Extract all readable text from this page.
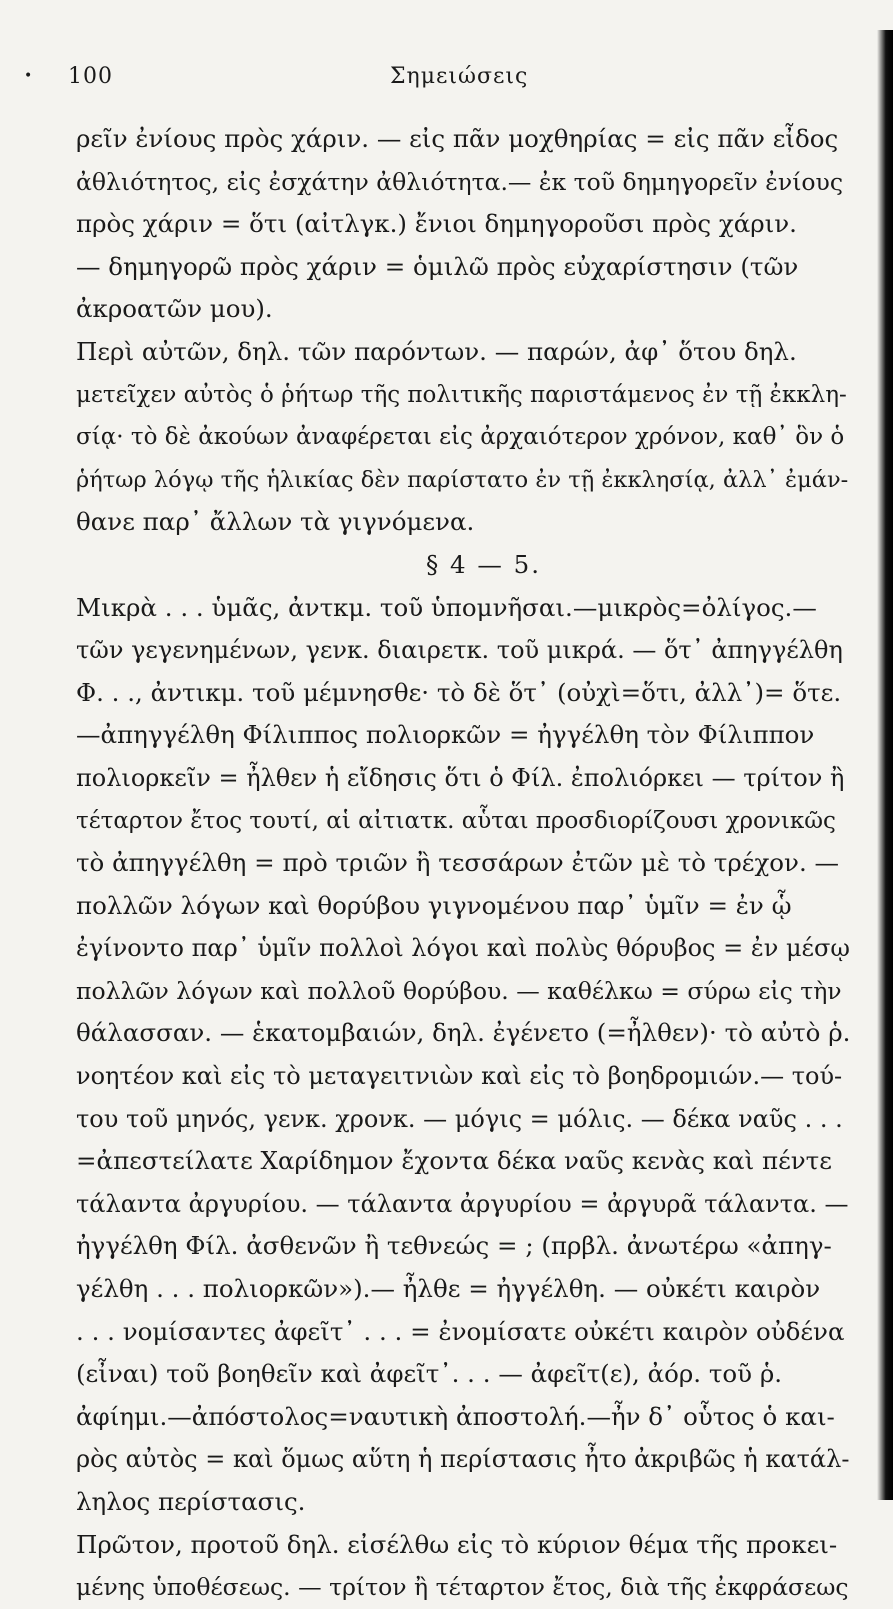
• 100	Σημειώσεις
ρεῖν ἐνίους πρὸς χάριν. — εἰς πᾶν μοχθηρίας = εἰς πᾶν εἶδος
ἀθλιότητος, εἰς ἐσχάτην ἀθλιότητα.— ἐκ τοῦ δημηγορεῖν ἐνίους
πρὸς χάριν = ὅτι (αἰτλγκ.) ἔνιοι δημηγοροῦσι πρὸς χάριν.
— δημηγορῶ πρὸς χάριν = ὁμιλῶ πρὸς εὐχαρίστησιν (τῶν
ἀκροατῶν μου).
Περὶ αὐτῶν, δηλ. τῶν παρόντων. — παρών, ἀφ᾿ ὅτου δηλ.
μετεῖχεν αὐτὸς ὁ ῥήτωρ τῆς πολιτικῆς παριστάμενος ἐν τῇ ἐκκλη-
σίᾳ· τὸ δὲ ἀκούων ἀναφέρεται εἰς ἀρχαιότερον χρόνον, καθ᾿ ὃν ὁ
ῥήτωρ λόγῳ τῆς ἡλικίας δὲν παρίστατο ἐν τῇ ἐκκλησίᾳ, ἀλλ᾿ ἐμάν-
θανε παρ᾿ ἄλλων τὰ γιγνόμενα.
§ 4 — 5.
Μικρὰ . . . ὑμᾶς, ἀντκμ. τοῦ ὑπομνῆσαι.—μικρὸς=ὀλίγος.—
τῶν γεγενημένων, γενκ. διαιρετκ. τοῦ μικρά. — ὅτ᾿ ἀπηγγέλθη
Φ. . ., ἀντικμ. τοῦ μέμνησθε· τὸ δὲ ὅτ᾿ (οὐχὶ=ὅτι, ἀλλ᾿)= ὅτε.
—ἀπηγγέλθη Φίλιππος πολιορκῶν = ἠγγέλθη τὸν Φίλιππον
πολιορκεῖν = ἦλθεν ἡ εἴδησις ὅτι ὁ Φίλ. ἐπολιόρκει — τρίτον ἢ
τέταρτον ἔτος τουτί, αἱ αἰτιατκ. αὗται προσδιορίζουσι χρονικῶς
τὸ ἀπηγγέλθη = πρὸ τριῶν ἢ τεσσάρων ἐτῶν μὲ τὸ τρέχον. —
πολλῶν λόγων καὶ θορύβου γιγνομένου παρ᾿ ὑμῖν = ἐν ᾧ
ἐγίνοντο παρ᾿ ὑμῖν πολλοὶ λόγοι καὶ πολὺς θόρυβος = ἐν μέσῳ
πολλῶν λόγων καὶ πολλοῦ θορύβου. — καθέλκω = σύρω εἰς τὴν
θάλασσαν. — ἑκατομβαιών, δηλ. ἐγένετο (=ἦλθεν)· τὸ αὐτὸ ῥ.
νοητέον καὶ εἰς τὸ μεταγειτνιὼν καὶ εἰς τὸ βοηδρομιών.— τού-
του τοῦ μηνός, γενκ. χρονκ. — μόγις = μόλις. — δέκα ναῦς . . .
=ἀπεστείλατε Χαρίδημον ἔχοντα δέκα ναῦς κενὰς καὶ πέντε
τάλαντα ἀργυρίου. — τάλαντα ἀργυρίου = ἀργυρᾶ τάλαντα. —
ἠγγέλθη Φίλ. ἀσθενῶν ἢ τεθνεώς = ; (πρβλ. ἀνωτέρω «ἀπηγ-
γέλθη . . . πολιορκῶν»).— ἦλθε = ἠγγέλθη. — οὐκέτι καιρὸν
. . . νομίσαντες ἀφεῖτ᾿ . . . = ἐνομίσατε οὐκέτι καιρὸν οὐδένα
(εἶναι) τοῦ βοηθεῖν καὶ ἀφεῖτ᾿. . . — ἀφεῖτ(ε), ἀόρ. τοῦ ῥ.
ἀφίημι.—ἀπόστολος=ναυτικὴ ἀποστολή.—ἦν δ᾿ οὗτος ὁ και-
ρὸς αὐτὸς = καὶ ὅμως αὕτη ἡ περίστασις ἦτο ἀκριβῶς ἡ κατάλ-
ληλος περίστασις.
Πρῶτον, προτοῦ δηλ. εἰσέλθω εἰς τὸ κύριον θέμα τῆς προκει-
μένης ὑποθέσεως. — τρίτον ἢ τέταρτον ἔτος, διὰ τῆς ἐκφράσεως
